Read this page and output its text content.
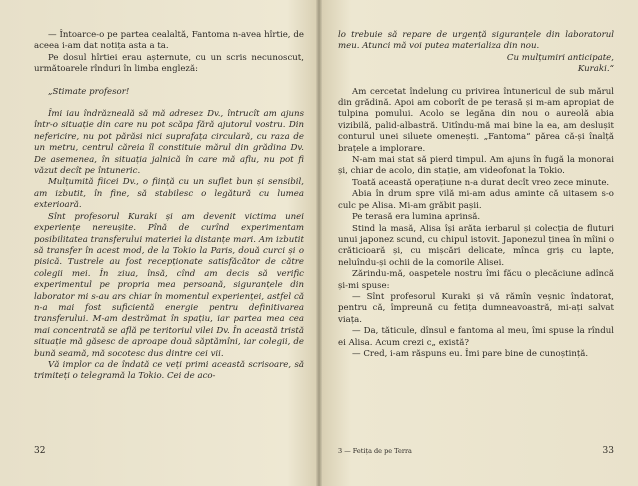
— Întoarce-o pe partea cealaltă, Fantoma n-avea hîrtie, de aceea i-am dat notița asta a ta.

Pe dosul hîrtiei erau așternute, cu un scris necunoscut, următoarele rînduri în limba engleză:

„Stimate profesor!

Îmi iau îndrăzneală să mă adresez Dv., întrucît am ajuns într-o situație din care nu pot scăpa fără ajutorul vostru. Din nefericire, nu pot părăsi nici suprafața circulară, cu raza de un metru, centrul căreia îl constituie mărul din grădina Dv. De asemenea, în situația jalnică în care mă aflu, nu pot fi văzut decît pe întuneric.

Mulțumită fiicei Dv., o ființă cu un suflet bun și sensibil, am izbutit, în fine, să stabilesc o legătură cu lumea exterioară.

Sînt profesorul Kuraki și am devenit victima unei experiențe nereușite. Pînă de curînd experimentam posibilitatea transferului materiei la distanțe mari. Am izbutit să transfer în acest mod, de la Tokio la Paris, două curci și o pisică. Tustrele au fost recepționate satisfăcător de către colegii mei. În ziua, însă, cînd am decis să verific experimentul pe propria mea persoană, siguranțele din laborator mi s-au ars chiar în momentul experienței, astfel că n-a mai fost suficientă energie pentru definitivarea transferului. M-am destrămat în spațiu, iar partea mea cea mai concentrată se află pe teritoriul vilei Dv. În această tristă situație mă găsesc de aproape două săptămîni, iar colegii, de bună seamă, mă socotesc dus dintre cei vii.

Vă implor ca de îndată ce veți primi această scrisoare, să trimiteți o telegramă la Tokio. Cei de aco-

32

lo trebuie să repare de urgență siguranțele din laboratorul meu. Atunci mă voi putea materializa din nou.

Cu mulțumiri anticipate,

Kuraki.“

Am cercetat îndelung cu privirea întunericul de sub mărul din grădină. Apoi am coborît de pe terasă și m-am apropiat de tulpina pomului. Acolo se legăna din nou o aureolă abia vizibilă, palid-albastră. Uitîndu-mă mai bine la ea, am deslușit conturul unei siluete omenești. „Fantoma“ părea că-și înalță brațele a implorare.

N-am mai stat să pierd timpul. Am ajuns în fugă la monorai și, chiar de acolo, din stație, am videofonat la Tokio.

Toată această operațiune n-a durat decît vreo zece minute.

Abia în drum spre vilă mi-am adus aminte că uitasem s-o culc pe Alisa. Mi-am grăbit pașii.

Pe terasă era lumina aprinsă.

Stind la masă, Alisa își arăta ierbarul și colecția de fluturi unui japonez scund, cu chipul istovit. Japonezul ținea în mîini o crăticioară și, cu mișcări delicate, mînca griș cu lapte, neluîndu-și ochii de la comorile Alisei.

Zărindu-mă, oaspetele nostru îmi făcu o plecăciune adîncă și-mi spuse:

— Sînt profesorul Kuraki și vă rămîn veșnic îndatorat, pentru că, împreună cu fetița dumneavoastră, mi-ați salvat viața.

— Da, tăticule, dînsul e fantoma al meu, îmi spuse la rîndul ei Alisa. Acum crezi c„ există?

— Cred, i-am răspuns eu. Îmi pare bine de cunoștință.

3 — Fetița de pe Terra	33
